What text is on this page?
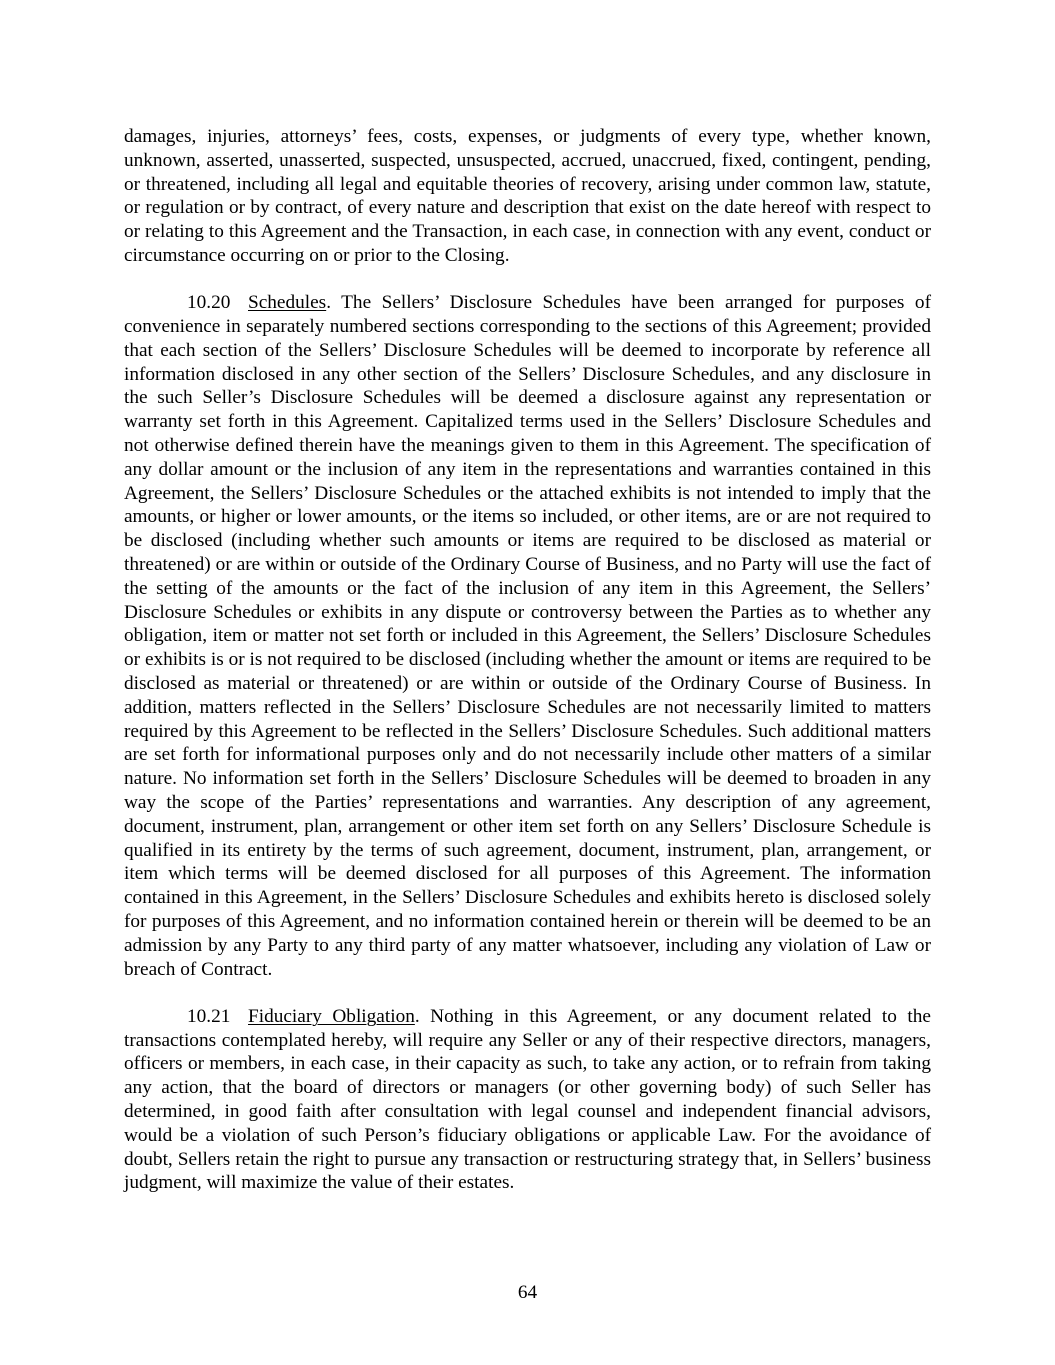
damages, injuries, attorneys’ fees, costs, expenses, or judgments of every type, whether known, unknown, asserted, unasserted, suspected, unsuspected, accrued, unaccrued, fixed, contingent, pending, or threatened, including all legal and equitable theories of recovery, arising under common law, statute, or regulation or by contract, of every nature and description that exist on the date hereof with respect to or relating to this Agreement and the Transaction, in each case, in connection with any event, conduct or circumstance occurring on or prior to the Closing.

10.20 Schedules. The Sellers’ Disclosure Schedules have been arranged for purposes of convenience in separately numbered sections corresponding to the sections of this Agreement; provided that each section of the Sellers’ Disclosure Schedules will be deemed to incorporate by reference all information disclosed in any other section of the Sellers’ Disclosure Schedules, and any disclosure in the such Seller’s Disclosure Schedules will be deemed a disclosure against any representation or warranty set forth in this Agreement. Capitalized terms used in the Sellers’ Disclosure Schedules and not otherwise defined therein have the meanings given to them in this Agreement. The specification of any dollar amount or the inclusion of any item in the representations and warranties contained in this Agreement, the Sellers’ Disclosure Schedules or the attached exhibits is not intended to imply that the amounts, or higher or lower amounts, or the items so included, or other items, are or are not required to be disclosed (including whether such amounts or items are required to be disclosed as material or threatened) or are within or outside of the Ordinary Course of Business, and no Party will use the fact of the setting of the amounts or the fact of the inclusion of any item in this Agreement, the Sellers’ Disclosure Schedules or exhibits in any dispute or controversy between the Parties as to whether any obligation, item or matter not set forth or included in this Agreement, the Sellers’ Disclosure Schedules or exhibits is or is not required to be disclosed (including whether the amount or items are required to be disclosed as material or threatened) or are within or outside of the Ordinary Course of Business. In addition, matters reflected in the Sellers’ Disclosure Schedules are not necessarily limited to matters required by this Agreement to be reflected in the Sellers’ Disclosure Schedules. Such additional matters are set forth for informational purposes only and do not necessarily include other matters of a similar nature. No information set forth in the Sellers’ Disclosure Schedules will be deemed to broaden in any way the scope of the Parties’ representations and warranties. Any description of any agreement, document, instrument, plan, arrangement or other item set forth on any Sellers’ Disclosure Schedule is qualified in its entirety by the terms of such agreement, document, instrument, plan, arrangement, or item which terms will be deemed disclosed for all purposes of this Agreement. The information contained in this Agreement, in the Sellers’ Disclosure Schedules and exhibits hereto is disclosed solely for purposes of this Agreement, and no information contained herein or therein will be deemed to be an admission by any Party to any third party of any matter whatsoever, including any violation of Law or breach of Contract.

10.21 Fiduciary Obligation. Nothing in this Agreement, or any document related to the transactions contemplated hereby, will require any Seller or any of their respective directors, managers, officers or members, in each case, in their capacity as such, to take any action, or to refrain from taking any action, that the board of directors or managers (or other governing body) of such Seller has determined, in good faith after consultation with legal counsel and independent financial advisors, would be a violation of such Person’s fiduciary obligations or applicable Law. For the avoidance of doubt, Sellers retain the right to pursue any transaction or restructuring strategy that, in Sellers’ business judgment, will maximize the value of their estates.

64
